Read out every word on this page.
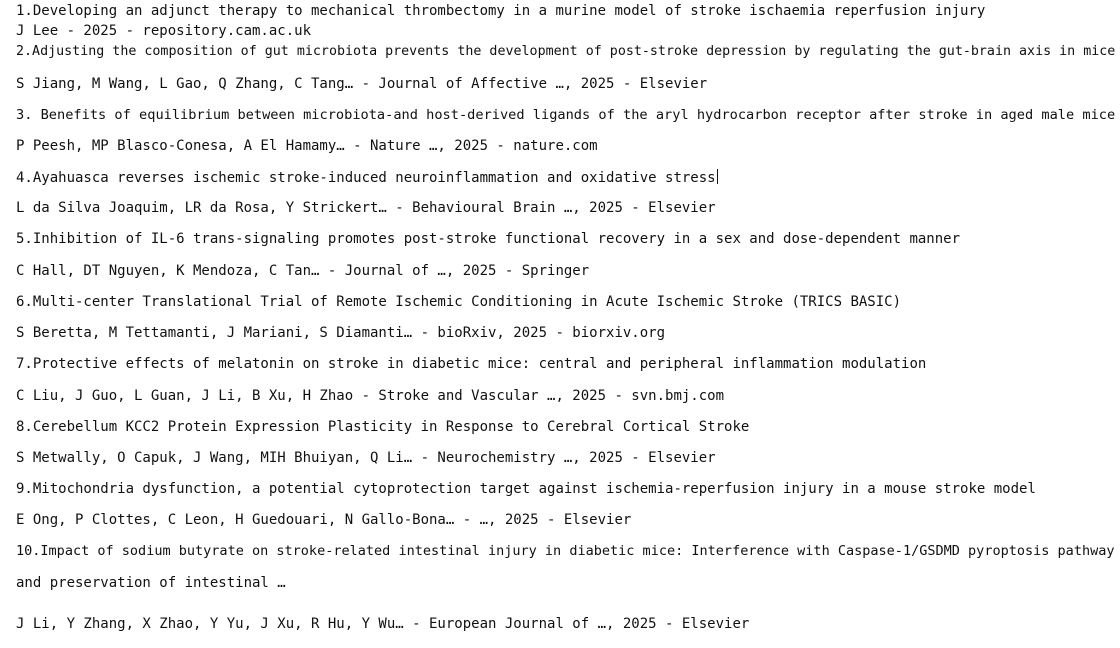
1.Developing an adjunct therapy to mechanical thrombectomy in a murine model of stroke ischaemia reperfusion injury
J Lee - 2025 - repository.cam.ac.uk
2.Adjusting the composition of gut microbiota prevents the development of post-stroke depression by regulating the gut-brain axis in mice
S Jiang, M Wang, L Gao, Q Zhang, C Tang… - Journal of Affective …, 2025 - Elsevier
3. Benefits of equilibrium between microbiota-and host-derived ligands of the aryl hydrocarbon receptor after stroke in aged male mice
P Peesh, MP Blasco-Conesa, A El Hamamy… - Nature …, 2025 - nature.com
4.Ayahuasca reverses ischemic stroke-induced neuroinflammation and oxidative stress
L da Silva Joaquim, LR da Rosa, Y Strickert… - Behavioural Brain …, 2025 - Elsevier
5.Inhibition of IL-6 trans-signaling promotes post-stroke functional recovery in a sex and dose-dependent manner
C Hall, DT Nguyen, K Mendoza, C Tan… - Journal of …, 2025 - Springer
6.Multi-center Translational Trial of Remote Ischemic Conditioning in Acute Ischemic Stroke (TRICS BASIC)
S Beretta, M Tettamanti, J Mariani, S Diamanti… - bioRxiv, 2025 - biorxiv.org
7.Protective effects of melatonin on stroke in diabetic mice: central and peripheral inflammation modulation
C Liu, J Guo, L Guan, J Li, B Xu, H Zhao - Stroke and Vascular …, 2025 - svn.bmj.com
8.Cerebellum KCC2 Protein Expression Plasticity in Response to Cerebral Cortical Stroke
S Metwally, O Capuk, J Wang, MIH Bhuiyan, Q Li… - Neurochemistry …, 2025 - Elsevier
9.Mitochondria dysfunction, a potential cytoprotection target against ischemia-reperfusion injury in a mouse stroke model
E Ong, P Clottes, C Leon, H Guedouari, N Gallo-Bona… - …, 2025 - Elsevier
10.Impact of sodium butyrate on stroke-related intestinal injury in diabetic mice: Interference with Caspase-1/GSDMD pyroptosis pathway
and preservation of intestinal …
J Li, Y Zhang, X Zhao, Y Yu, J Xu, R Hu, Y Wu… - European Journal of …, 2025 - Elsevier
